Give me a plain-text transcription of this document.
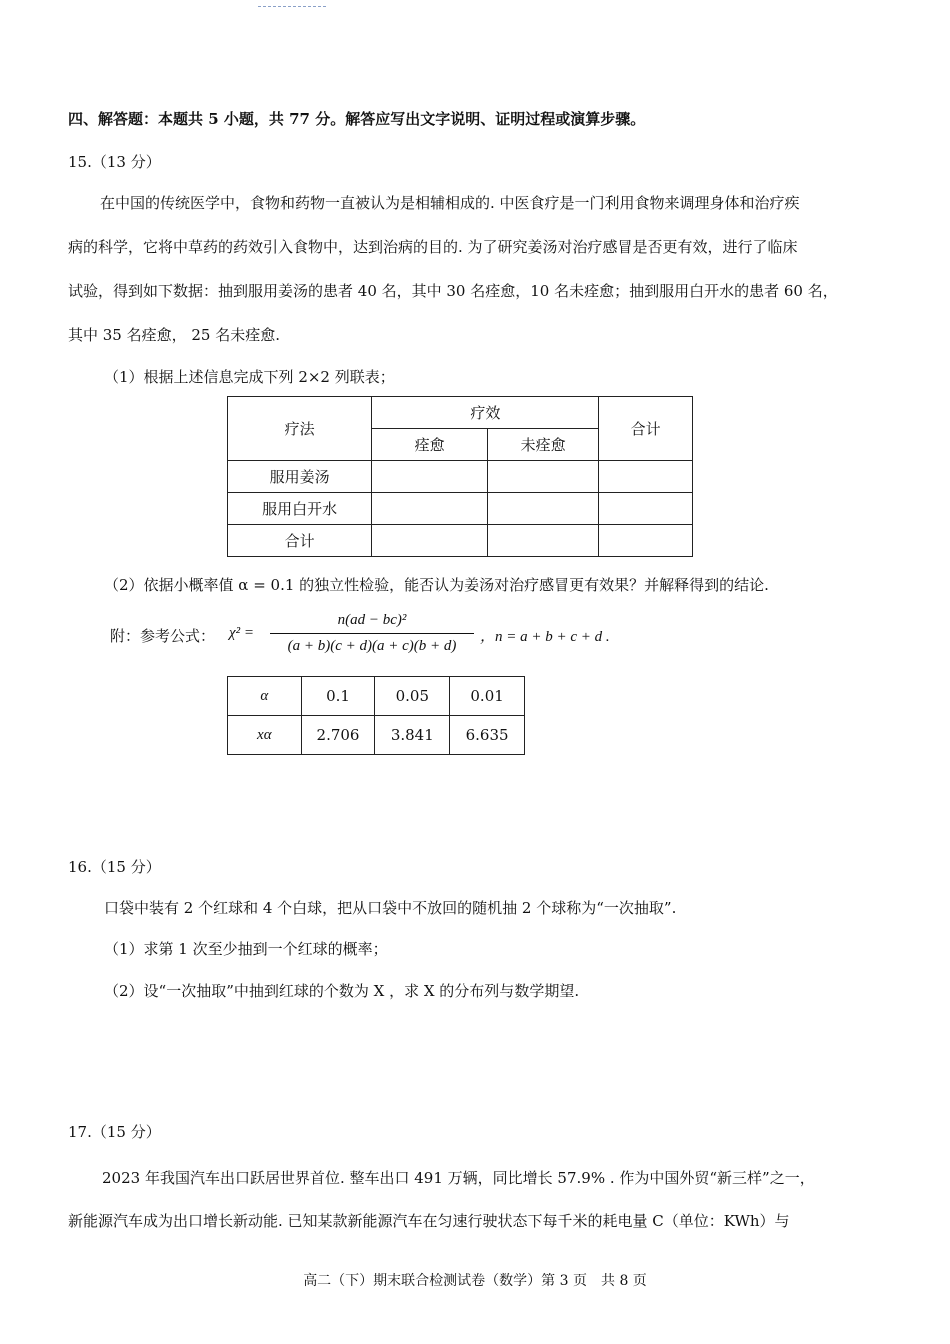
四、解答题：本题共 5 小题，共 77 分。解答应写出文字说明、证明过程或演算步骤。
15.（13 分）
在中国的传统医学中，食物和药物一直被认为是相辅相成的. 中医食疗是一门利用食物来调理身体和治疗疾
病的科学，它将中草药的药效引入食物中，达到治病的目的. 为了研究姜汤对治疗感冒是否更有效，进行了临床
试验，得到如下数据：抽到服用姜汤的患者 40 名，其中 30 名痊愈，10 名未痊愈；抽到服用白开水的患者 60 名，
其中 35 名痊愈， 25 名未痊愈.
（1）根据上述信息完成下列 2×2 列联表；
疗法	疗效		合计
	痊愈	未痊愈	
服用姜汤			
服用白开水			
合计			
（2）依据小概率值 α = 0.1 的独立性检验，能否认为姜汤对治疗感冒更有效果？并解释得到的结论.
附：参考公式： χ² =
n(ad − bc)²
(a + b)(c + d)(a + c)(b + d)
，n = a + b + c + d .
α	0.1	0.05	0.01
xα	2.706	3.841	6.635
16.（15 分）
口袋中装有 2 个红球和 4 个白球，把从口袋中不放回的随机抽 2 个球称为“一次抽取”.
（1）求第 1 次至少抽到一个红球的概率；
（2）设“一次抽取”中抽到红球的个数为 X ，求 X 的分布列与数学期望.
17.（15 分）
2023 年我国汽车出口跃居世界首位. 整车出口 491 万辆，同比增长 57.9% . 作为中国外贸“新三样”之一，
新能源汽车成为出口增长新动能. 已知某款新能源汽车在匀速行驶状态下每千米的耗电量 C（单位：KWh）与
高二（下）期末联合检测试卷（数学）第 3 页　共 8 页
